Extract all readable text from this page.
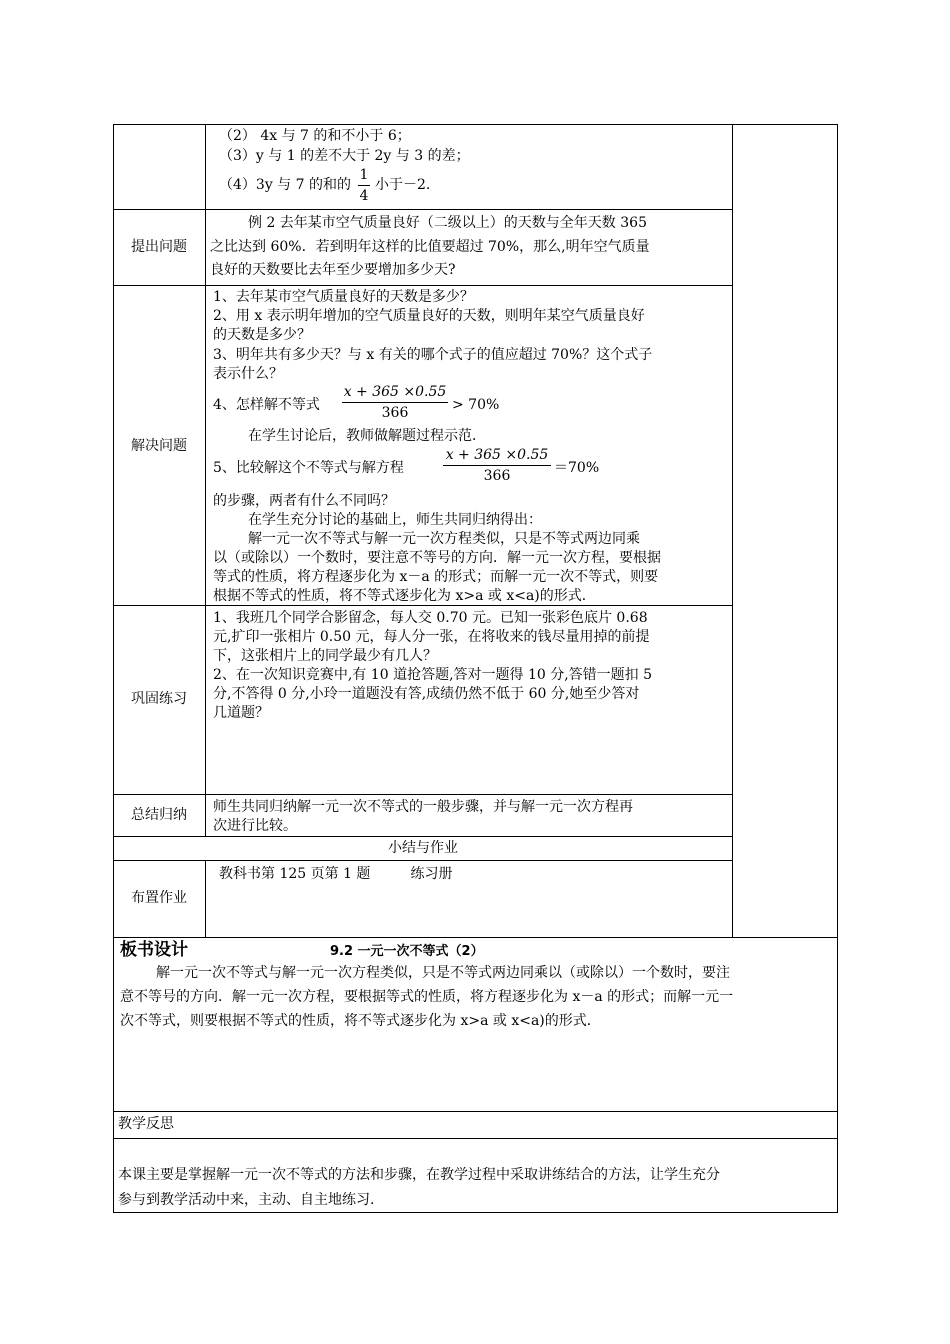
（2） 4x 与 7 的和不小于 6；
（3）y 与 1 的差不大于 2y 与 3 的差；
（4）3y 与 7 的和的
1
4
小于－2.
提出问题
例 2 去年某市空气质量良好（二级以上）的天数与全年天数 365
之比达到 60%．若到明年这样的比值要超过 70%，那么,明年空气质量
良好的天数要比去年至少要增加多少天?
解决问题
1、去年某市空气质量良好的天数是多少？
2、用 x 表示明年增加的空气质量良好的天数，则明年某空气质量良好
的天数是多少？
3、明年共有多少天？与 x 有关的哪个式子的值应超过 70%？这个式子
表示什么？
4、怎样解不等式
x + 365 ×0.55
366	> 70%
在学生讨论后，教师做解题过程示范．
5、比较解这个不等式与解方程
x + 365 ×0.55
366	＝70%
的步骤，两者有什么不同吗？
在学生充分讨论的基础上，师生共同归纳得出：
解一元一次不等式与解一元一次方程类似，只是不等式两边同乘
以（或除以）一个数时，要注意不等号的方向．解一元一次方程，要根据
等式的性质，将方程逐步化为 x－a 的形式；而解一元一次不等式，则要
根据不等式的性质，将不等式逐步化为 x>a 或 x<a)的形式．
巩固练习
1、我班几个同学合影留念，每人交 0.70 元。已知一张彩色底片 0.68
元,扩印一张相片 0.50 元，每人分一张，在将收来的钱尽量用掉的前提
下，这张相片上的同学最少有几人？
2、在一次知识竞赛中,有 10 道抢答题,答对一题得 10 分,答错一题扣 5
分,不答得 0 分,小玲一道题没有答,成绩仍然不低于 60 分,她至少答对
几道题？
总结归纳	师生共同归纳解一元一次不等式的一般步骤，并与解一元一次方程再
次进行比较。
小结与作业
布置作业
教科书第 125 页第 1 题         练习册
板书设计	9.2 一元一次不等式（2）
解一元一次不等式与解一元一次方程类似，只是不等式两边同乘以（或除以）一个数时，要注
意不等号的方向．解一元一次方程，要根据等式的性质，将方程逐步化为 x－a 的形式；而解一元一
次不等式，则要根据不等式的性质，将不等式逐步化为 x>a 或 x<a)的形式．
教学反思
本课主要是掌握解一元一次不等式的方法和步骤，在教学过程中采取讲练结合的方法，让学生充分
参与到教学活动中来，主动、自主地练习.
